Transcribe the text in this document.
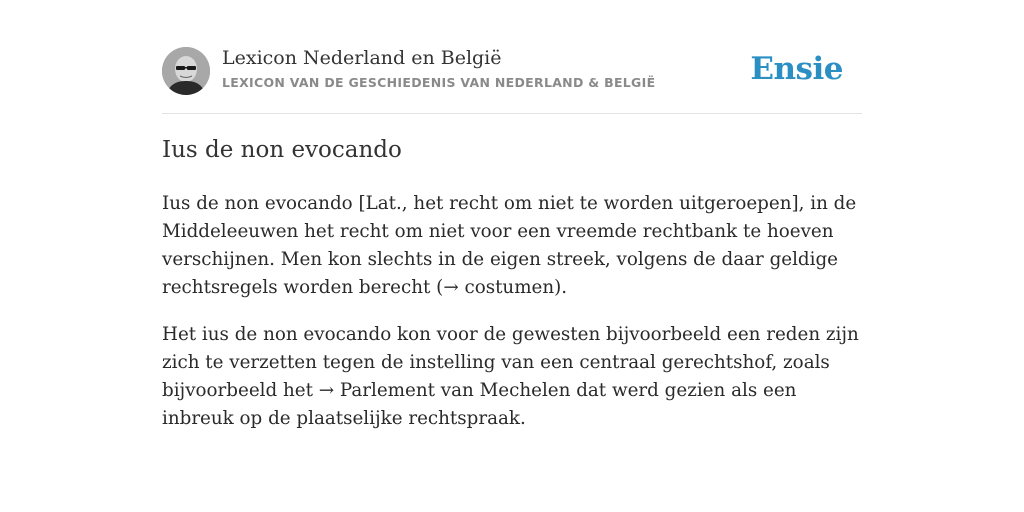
Lexicon Nederland en België
LEXICON VAN DE GESCHIEDENIS VAN NEDERLAND & BELGIË	Ensie
Ius de non evocando

Ius de non evocando [Lat., het recht om niet te worden uitgeroepen], in de Middeleeuwen het recht om niet voor een vreemde rechtbank te hoeven verschijnen. Men kon slechts in de eigen streek, volgens de daar geldige rechtsregels worden berecht (→ costumen).

Het ius de non evocando kon voor de gewesten bijvoorbeeld een reden zijn zich te verzetten tegen de instelling van een centraal gerechtshof, zoals bijvoorbeeld het → Parlement van Mechelen dat werd gezien als een inbreuk op de plaatselijke rechtspraak.
